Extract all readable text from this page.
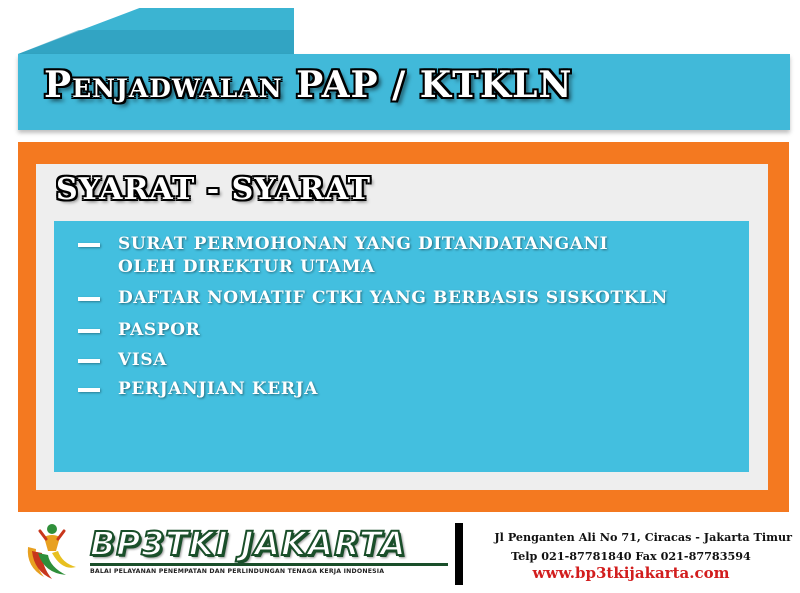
Penjadwalan PAP / KTKLN
SYARAT - SYARAT
SURAT PERMOHONAN YANG DITANDATANGANI
OLEH DIREKTUR UTAMA
DAFTAR NOMATIF CTKI YANG BERBASIS SISKOTKLN
PASPOR
VISA
PERJANJIAN KERJA
BP3TKI JAKARTA
BALAI PELAYANAN PENEMPATAN DAN PERLINDUNGAN TENAGA KERJA INDONESIA
Jl Penganten Ali No 71, Ciracas - Jakarta Timur
Telp 021-87781840 Fax 021-87783594
www.bp3tkijakarta.com
